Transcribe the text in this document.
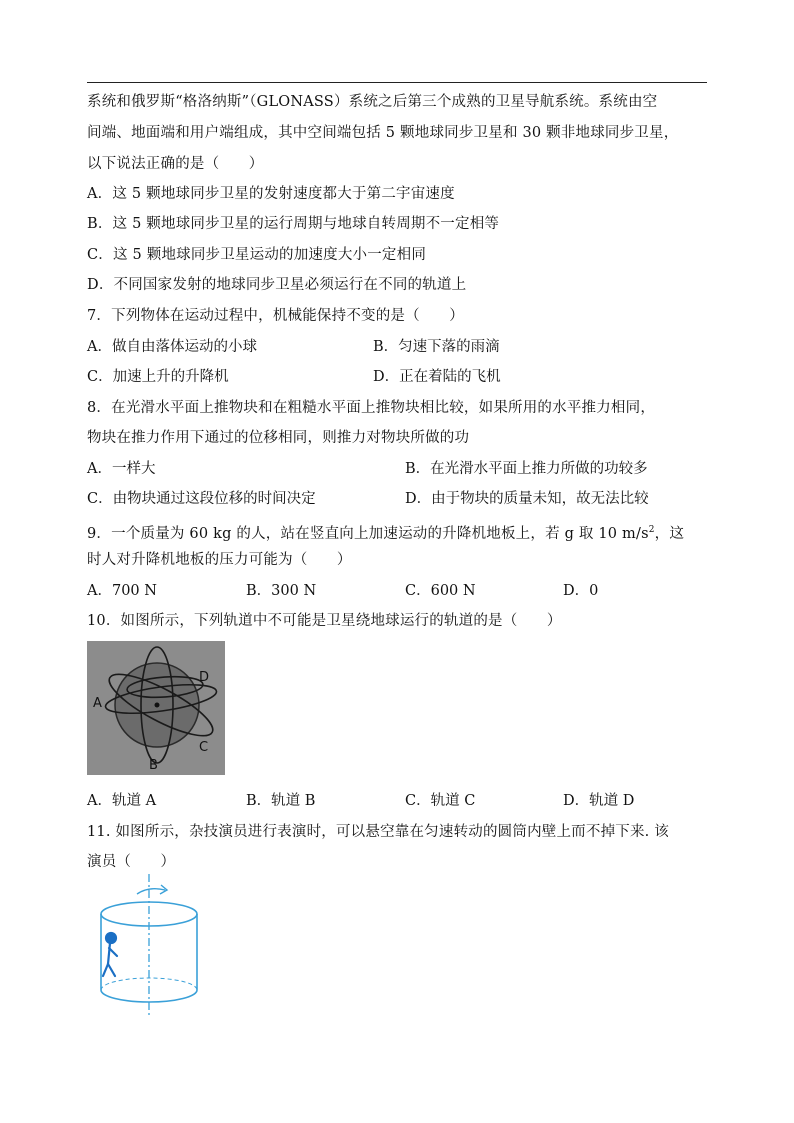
系统和俄罗斯“格洛纳斯”（GLONASS）系统之后第三个成熟的卫星导航系统。系统由空
间端、地面端和用户端组成，其中空间端包括 5 颗地球同步卫星和 30 颗非地球同步卫星，
以下说法正确的是（　　）
A．这 5 颗地球同步卫星的发射速度都大于第二宇宙速度
B．这 5 颗地球同步卫星的运行周期与地球自转周期不一定相等
C．这 5 颗地球同步卫星运动的加速度大小一定相同
D．不同国家发射的地球同步卫星必须运行在不同的轨道上
7．下列物体在运动过程中，机械能保持不变的是（　　）
A．做自由落体运动的小球	B．匀速下落的雨滴
C．加速上升的升降机	D．正在着陆的飞机
8．在光滑水平面上推物块和在粗糙水平面上推物块相比较，如果所用的水平推力相同，
物块在推力作用下通过的位移相同，则推力对物块所做的功
A．一样大	B．在光滑水平面上推力所做的功较多
C．由物块通过这段位移的时间决定	D．由于物块的质量未知，故无法比较
9．一个质量为 60 kg 的人，站在竖直向上加速运动的升降机地板上，若 g 取 10 $m/s^2$，这
时人对升降机地板的压力可能为（　　）
A．700 N	B．300 N	C．600 N	D．0
10．如图所示，下列轨道中不可能是卫星绕地球运行的轨道的是（　　）
A
B
C
D
A．轨道 A	B．轨道 B	C．轨道 C	D．轨道 D
11. 如图所示，杂技演员进行表演时，可以悬空靠在匀速转动的圆筒内壁上而不掉下来. 该
演员（　　）
